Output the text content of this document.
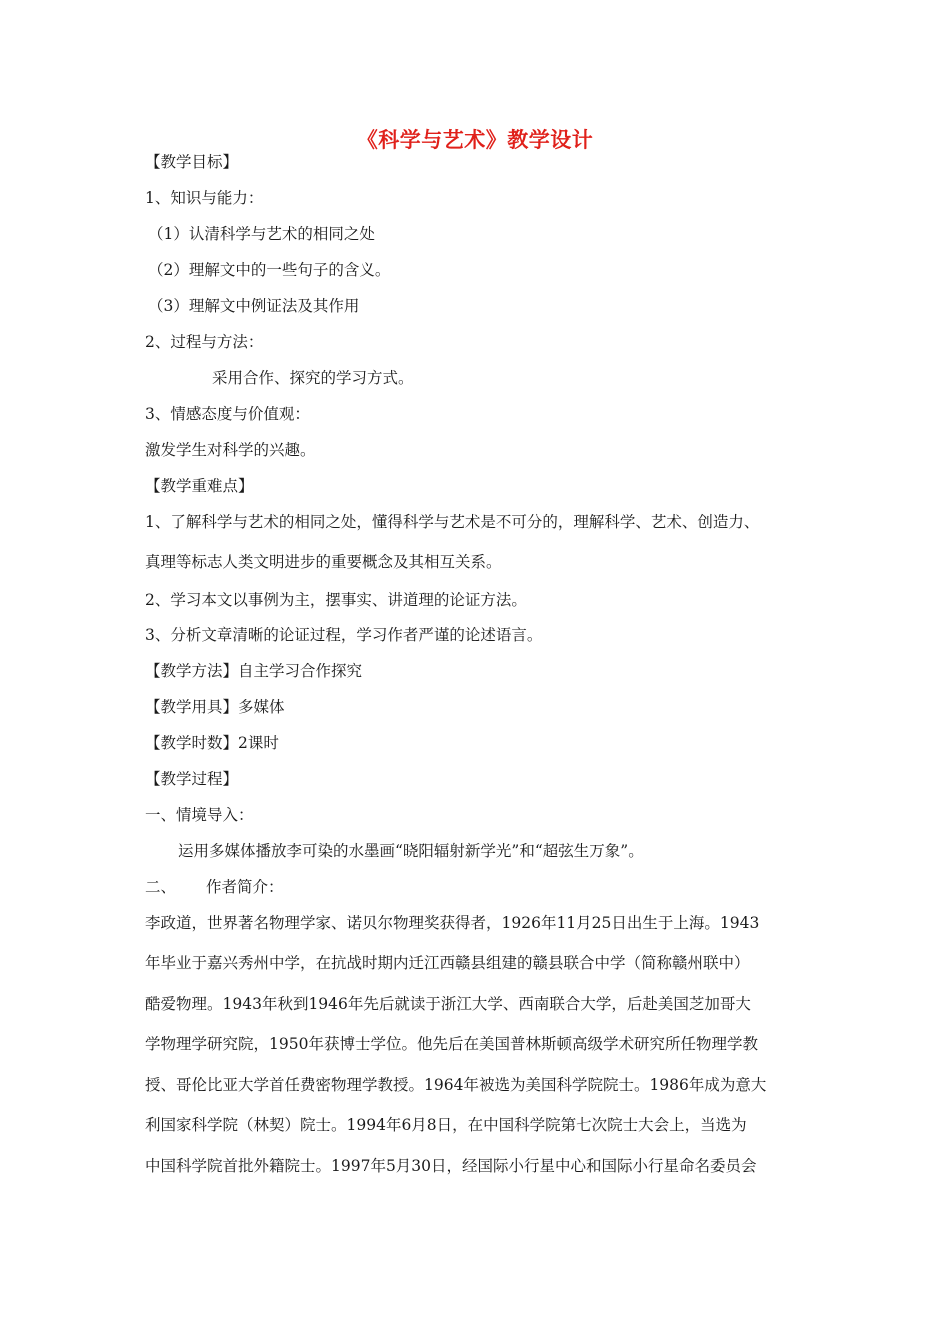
《科学与艺术》教学设计
【教学目标】
1、知识与能力：
（1）认清科学与艺术的相同之处
（2）理解文中的一些句子的含义。
（3）理解文中例证法及其作用
2、过程与方法：
采用合作、探究的学习方式。
3、情感态度与价值观：
激发学生对科学的兴趣。
【教学重难点】
1、了解科学与艺术的相同之处，懂得科学与艺术是不可分的，理解科学、艺术、创造力、
真理等标志人类文明进步的重要概念及其相互关系。
2、学习本文以事例为主，摆事实、讲道理的论证方法。
3、分析文章清晰的论证过程，学习作者严谨的论述语言。
【教学方法】自主学习合作探究
【教学用具】多媒体
【教学时数】2课时
【教学过程】
一、情境导入：
运用多媒体播放李可染的水墨画“晓阳辐射新学光”和“超弦生万象”。
二、 作者简介：
李政道，世界著名物理学家、诺贝尔物理奖获得者，1926年11月25日出生于上海。1943
年毕业于嘉兴秀州中学，在抗战时期内迁江西赣县组建的赣县联合中学（简称赣州联中）
酷爱物理。1943年秋到1946年先后就读于浙江大学、西南联合大学，后赴美国芝加哥大
学物理学研究院，1950年获博士学位。他先后在美国普林斯顿高级学术研究所任物理学教
授、哥伦比亚大学首任费密物理学教授。1964年被选为美国科学院院士。1986年成为意大
利国家科学院（林契）院士。1994年6月8日，在中国科学院第七次院士大会上，当选为
中国科学院首批外籍院士。1997年5月30日，经国际小行星中心和国际小行星命名委员会
